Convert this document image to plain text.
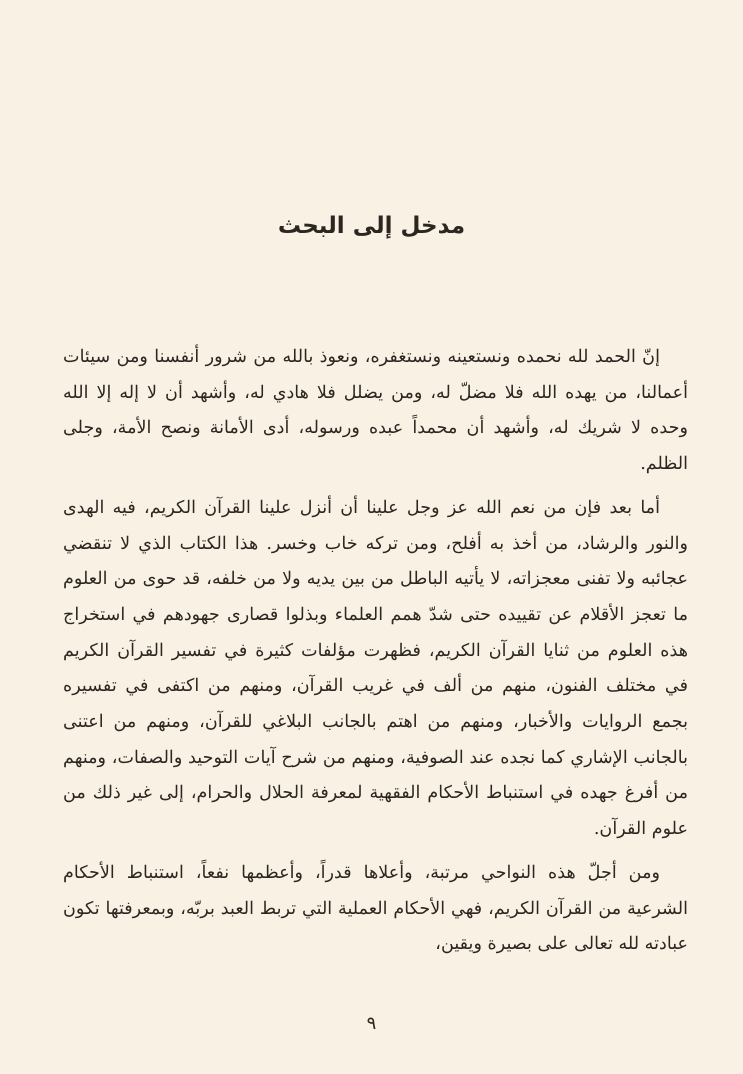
مدخل إلى البحث

إنّ الحمد لله نحمده ونستعينه ونستغفره، ونعوذ بالله من شرور أنفسنا ومن سيئات أعمالنا، من يهده الله فلا مضلّ له، ومن يضلل فلا هادي له، وأشهد أن لا إله إلا الله وحده لا شريك له، وأشهد أن محمداً عبده ورسوله، أدى الأمانة ونصح الأمة، وجلى الظلم.

أما بعد فإن من نعم الله عز وجل علينا أن أنزل علينا القرآن الكريم، فيه الهدى والنور والرشاد، من أخذ به أفلح، ومن تركه خاب وخسر. هذا الكتاب الذي لا تنقضي عجائبه ولا تفنى معجزاته، لا يأتيه الباطل من بين يديه ولا من خلفه، قد حوى من العلوم ما تعجز الأقلام عن تقييده حتى شدّ همم العلماء وبذلوا قصارى جهودهم في استخراج هذه العلوم من ثنايا القرآن الكريم، فظهرت مؤلفات كثيرة في تفسير القرآن الكريم في مختلف الفنون، منهم من ألف في غريب القرآن، ومنهم من اكتفى في تفسيره بجمع الروايات والأخبار، ومنهم من اهتم بالجانب البلاغي للقرآن، ومنهم من اعتنى بالجانب الإشاري كما نجده عند الصوفية، ومنهم من شرح آيات التوحيد والصفات، ومنهم من أفرغ جهده في استنباط الأحكام الفقهية لمعرفة الحلال والحرام، إلى غير ذلك من علوم القرآن.

ومن أجلّ هذه النواحي مرتبة، وأعلاها قدراً، وأعظمها نفعاً، استنباط الأحكام الشرعية من القرآن الكريم، فهي الأحكام العملية التي تربط العبد بربّه، وبمعرفتها تكون عبادته لله تعالى على بصيرة ويقين،

٩
